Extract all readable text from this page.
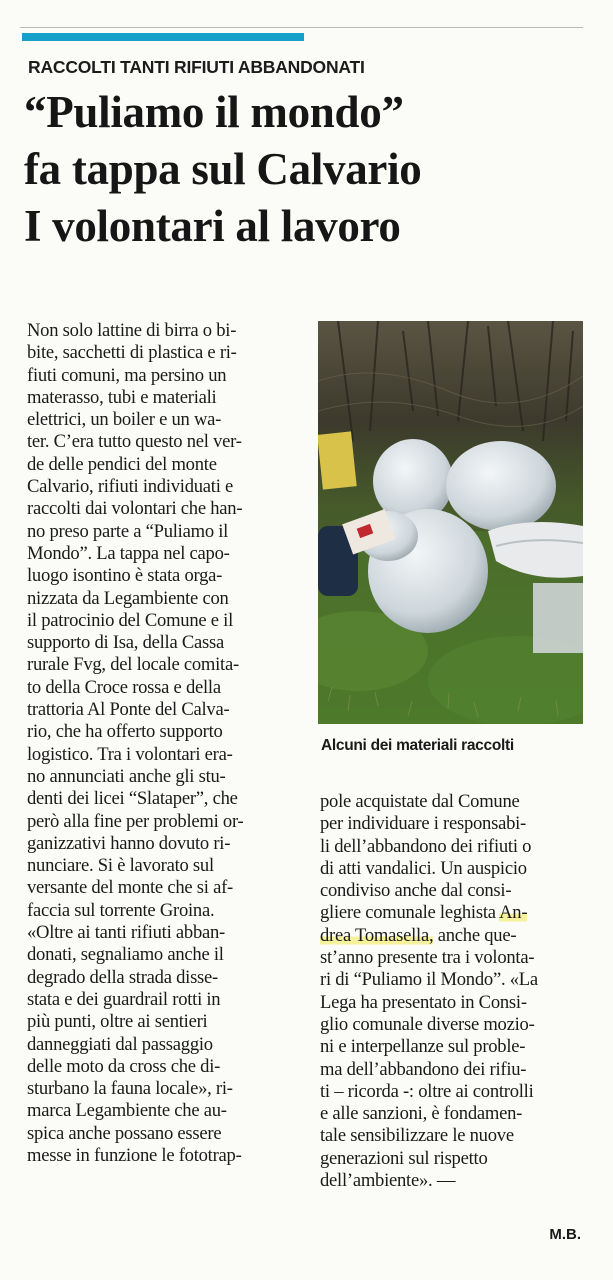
RACCOLTI TANTI RIFIUTI ABBANDONATI
“Puliamo il mondo”
fa tappa sul Calvario
I volontari al lavoro
Non solo lattine di birra o bi-
bite, sacchetti di plastica e ri-
fiuti comuni, ma persino un
materasso, tubi e materiali
elettrici, un boiler e un wa-
ter. C’era tutto questo nel ver-
de delle pendici del monte
Calvario, rifiuti individuati e
raccolti dai volontari che han-
no preso parte a “Puliamo il
Mondo”. La tappa nel capo-
luogo isontino è stata orga-
nizzata da Legambiente con
il patrocinio del Comune e il
supporto di Isa, della Cassa
rurale Fvg, del locale comita-
to della Croce rossa e della
trattoria Al Ponte del Calva-
rio, che ha offerto supporto
logistico. Tra i volontari era-
no annunciati anche gli stu-
denti dei licei “Slataper”, che
però alla fine per problemi or-
ganizzativi hanno dovuto ri-
nunciare. Si è lavorato sul
versante del monte che si af-
faccia sul torrente Groina.
«Oltre ai tanti rifiuti abban-
donati, segnaliamo anche il
degrado della strada disse-
stata e dei guardrail rotti in
più punti, oltre ai sentieri
danneggiati dal passaggio
delle moto da cross che di-
sturbano la fauna locale», ri-
marca Legambiente che au-
spica anche possano essere
messe in funzione le fototrap-
Alcuni dei materiali raccolti
pole acquistate dal Comune
per individuare i responsabi-
li dell’abbandono dei rifiuti o
di atti vandalici. Un auspicio
condiviso anche dal consi-
gliere comunale leghista An-
drea Tomasella, anche que-
st’anno presente tra i volonta-
ri di “Puliamo il Mondo”. «La
Lega ha presentato in Consi-
glio comunale diverse mozio-
ni e interpellanze sul proble-
ma dell’abbandono dei rifiu-
ti – ricorda -: oltre ai controlli
e alle sanzioni, è fondamen-
tale sensibilizzare le nuove
generazioni sul rispetto
dell’ambiente». —
M.B.
